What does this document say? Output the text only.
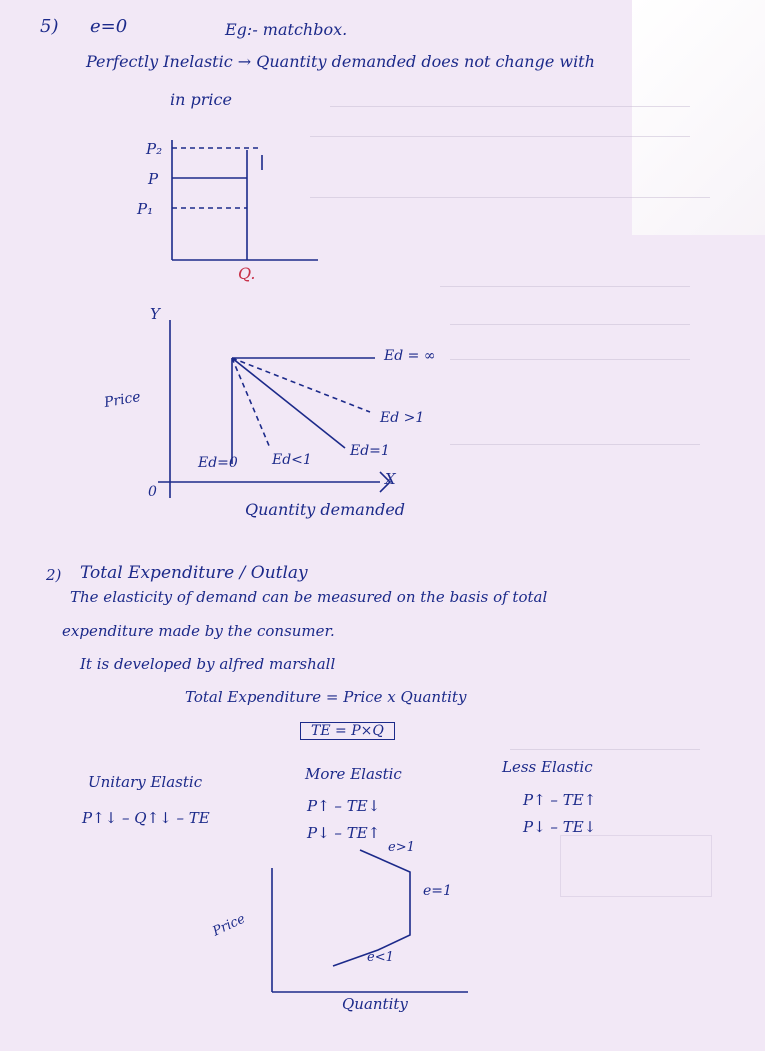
5) e=0	Eg:- matchbox.
Perfectly Inelastic → Quantity demanded does not change with
in price
P₂
P
P₁
Q.
Y
X
0
Price
Quantity demanded
Ed = ∞
Ed >1
Ed=1
Ed<1
Ed=0
2) Total Expenditure / Outlay
The elasticity of demand can be measured on the basis of total
expenditure made by the consumer.
It is developed by alfred marshall
Total Expenditure = Price x Quantity
TE = P×Q
Unitary Elastic
P↑↓ – Q↑↓ – TE
More Elastic
P↑ – TE↓
P↓ – TE↑
Less Elastic
P↑ – TE↑
P↓ – TE↓
Price
Quantity
e>1
e=1
e<1
